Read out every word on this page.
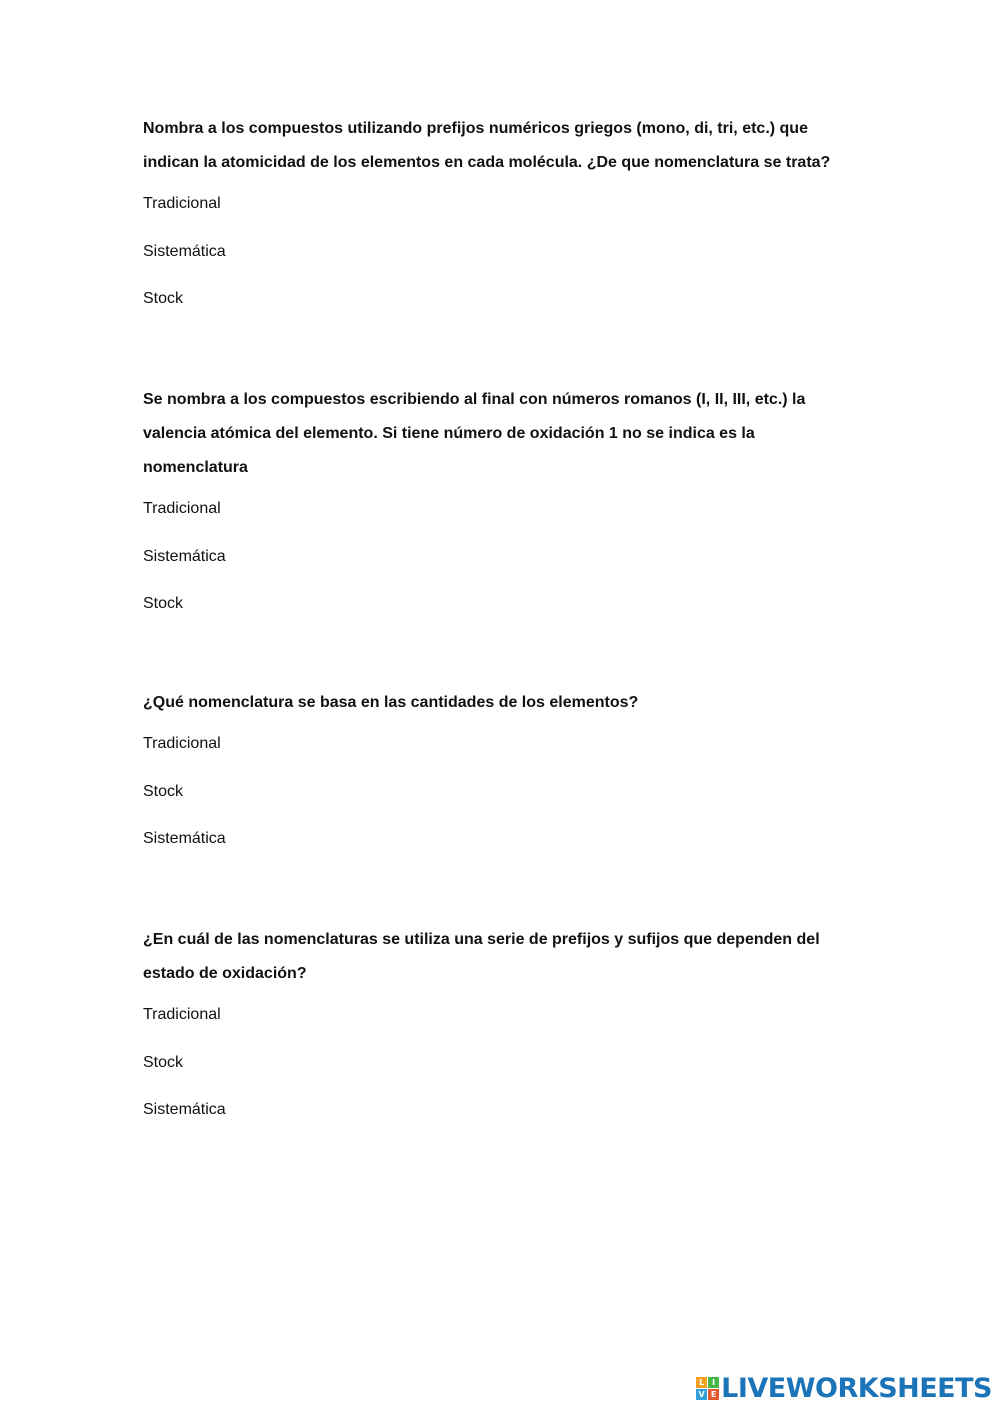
Nombra a los compuestos utilizando prefijos numéricos griegos (mono, di, tri, etc.) que
indican la atomicidad de los elementos en cada molécula. ¿De que nomenclatura se trata?

Tradicional
Sistemática
Stock

Se nombra a los compuestos escribiendo al final con números romanos (I, II, III, etc.) la
valencia atómica del elemento. Si tiene número de oxidación 1 no se indica es la
nomenclatura

Tradicional
Sistemática
Stock

¿Qué nomenclatura se basa en las cantidades de los elementos?

Tradicional
Stock
Sistemática

¿En cuál de las nomenclaturas se utiliza una serie de prefijos y sufijos que dependen del
estado de oxidación?

Tradicional
Stock
Sistemática
L I
V E LIVEWORKSHEETS
